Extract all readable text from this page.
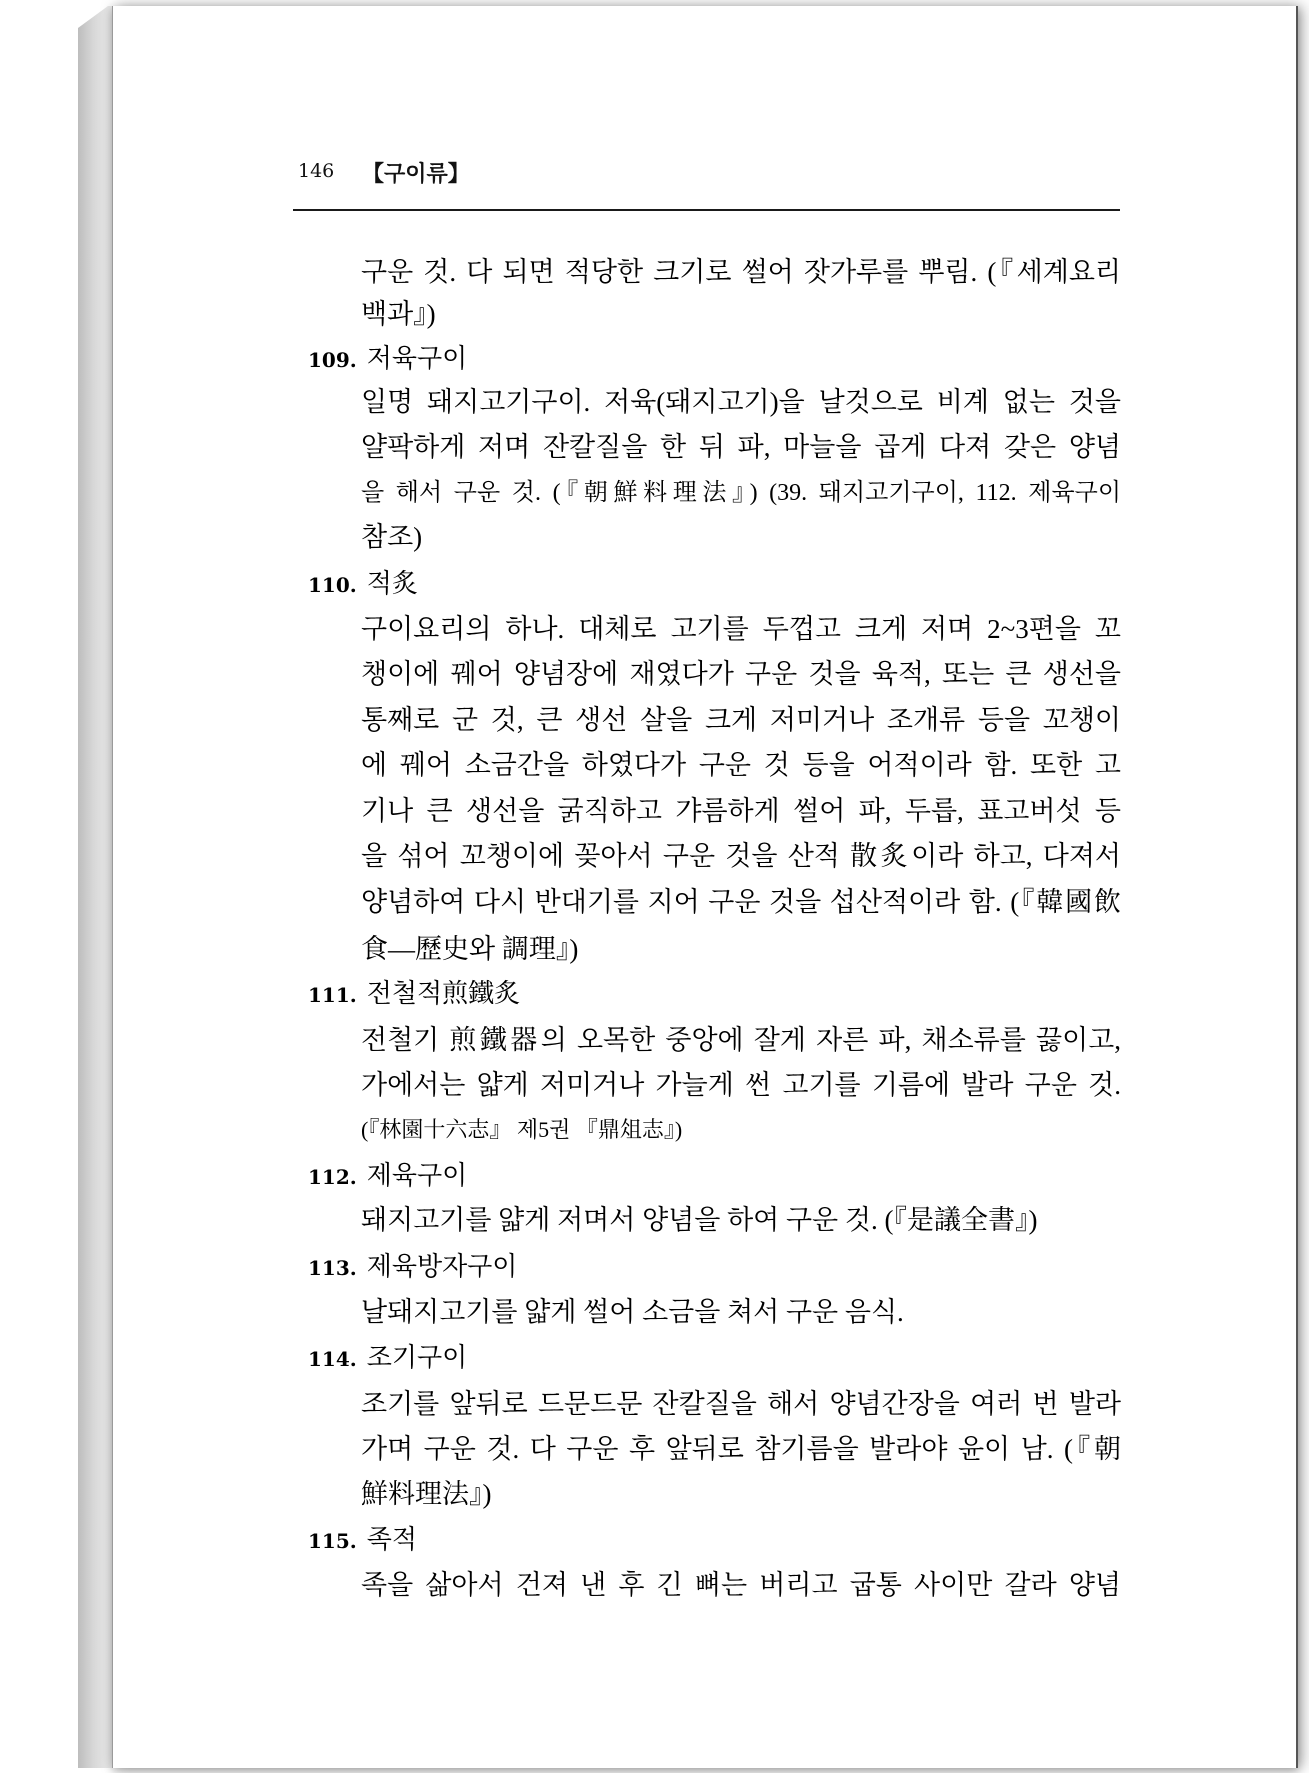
146 【구이류】
구운 것. 다 되면 적당한 크기로 썰어 잣가루를 뿌림. (『세계요리
백과』)
109. 저육구이
일명 돼지고기구이. 저육(돼지고기)을 날것으로 비계 없는 것을
얄팍하게 저며 잔칼질을 한 뒤 파, 마늘을 곱게 다져 갖은 양념
을 해서 구운 것. (『朝鮮料理法』) (39. 돼지고기구이, 112. 제육구이
참조)
110. 적炙
구이요리의 하나. 대체로 고기를 두껍고 크게 저며 2~3편을 꼬
챙이에 꿰어 양념장에 재였다가 구운 것을 육적, 또는 큰 생선을
통째로 군 것, 큰 생선 살을 크게 저미거나 조개류 등을 꼬챙이
에 꿰어 소금간을 하였다가 구운 것 등을 어적이라 함. 또한 고
기나 큰 생선을 굵직하고 갸름하게 썰어 파, 두릅, 표고버섯 등
을 섞어 꼬챙이에 꽂아서 구운 것을 산적 散炙이라 하고, 다져서
양념하여 다시 반대기를 지어 구운 것을 섭산적이라 함. (『韓國飲
食—歷史와 調理』)
111. 전철적煎鐵炙
전철기 煎鐵器의 오목한 중앙에 잘게 자른 파, 채소류를 끓이고,
가에서는 얇게 저미거나 가늘게 썬 고기를 기름에 발라 구운 것.
(『林園十六志』 제5권 『鼎俎志』)
112. 제육구이
돼지고기를 얇게 저며서 양념을 하여 구운 것. (『是議全書』)
113. 제육방자구이
날돼지고기를 얇게 썰어 소금을 쳐서 구운 음식.
114. 조기구이
조기를 앞뒤로 드문드문 잔칼질을 해서 양념간장을 여러 번 발라
가며 구운 것. 다 구운 후 앞뒤로 참기름을 발라야 윤이 남. (『朝
鮮料理法』)
115. 족적
족을 삶아서 건져 낸 후 긴 뼈는 버리고 굽통 사이만 갈라 양념
